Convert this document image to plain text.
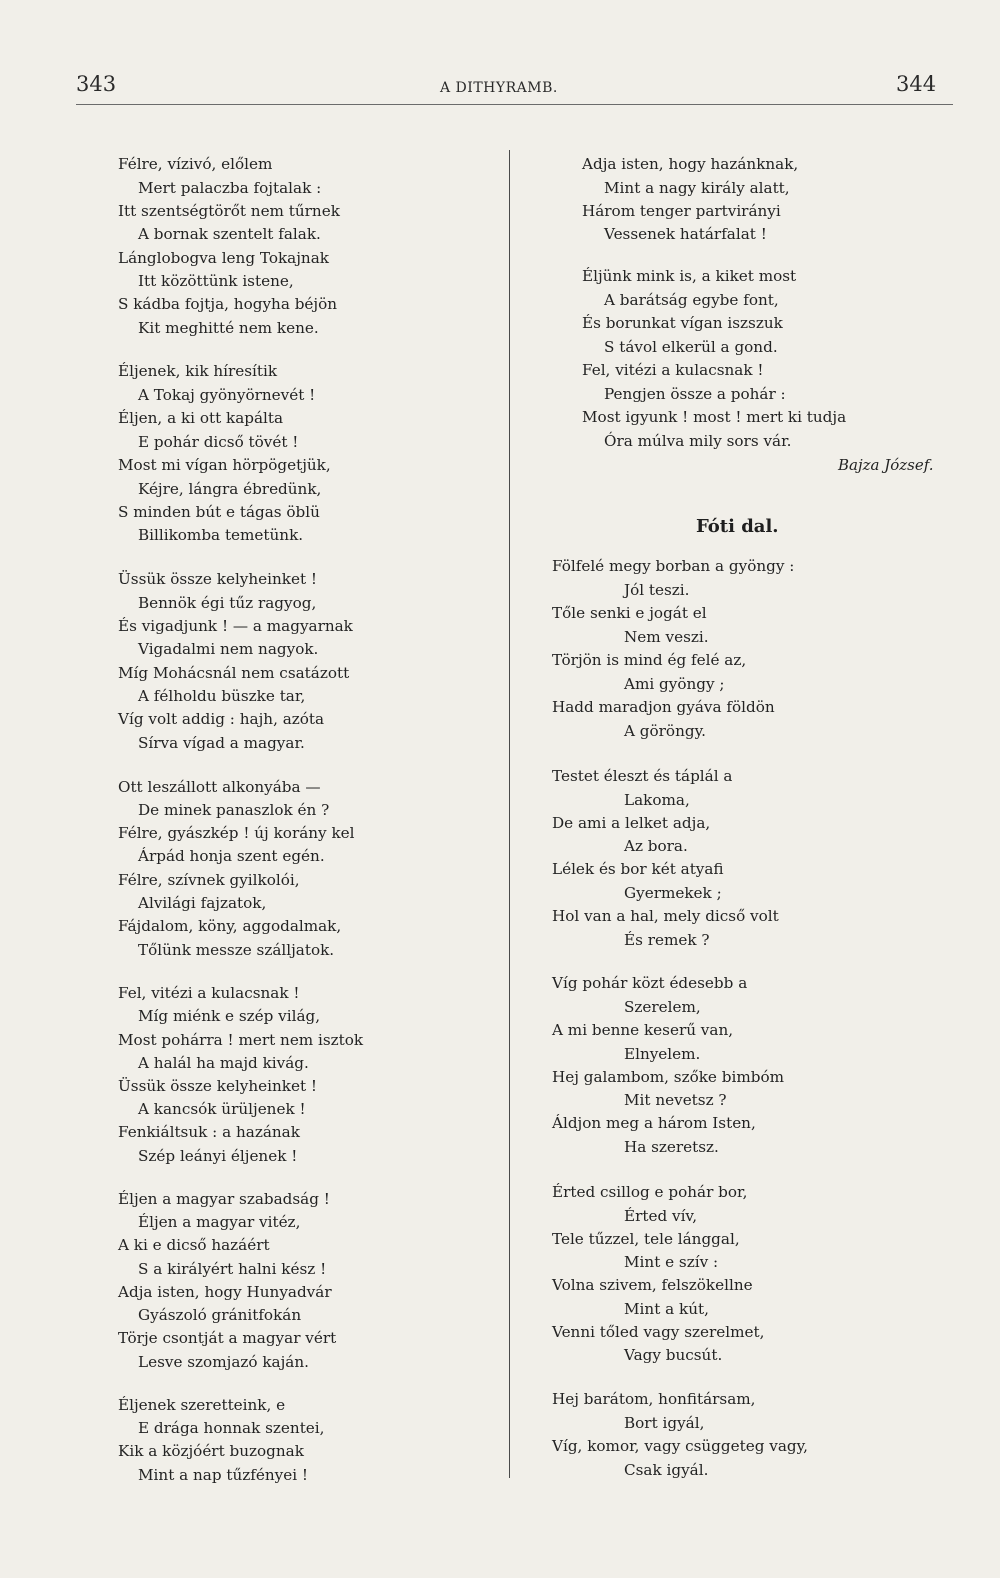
343	A DITHYRAMB.	344
Félre, vízivó, előlem
Mert palaczba fojtalak :
Itt szentségtörőt nem tűrnek
A bornak szentelt falak.
Lánglobogva leng Tokajnak
Itt közöttünk istene,
S kádba fojtja, hogyha béjön
Kit meghitté nem kene.
Éljenek, kik híresítik
A Tokaj gyönyörnevét !
Éljen, a ki ott kapálta
E pohár dicső tövét !
Most mi vígan hörpögetjük,
Kéjre, lángra ébredünk,
S minden bút e tágas öblü
Billikomba temetünk.
Üssük össze kelyheinket !
Bennök égi tűz ragyog,
És vigadjunk ! — a magyarnak
Vigadalmi nem nagyok.
Míg Mohácsnál nem csatázott
A félholdu büszke tar,
Víg volt addig : hajh, azóta
Sírva vígad a magyar.
Ott leszállott alkonyába —
De minek panaszlok én ?
Félre, gyászkép ! új korány kel
Árpád honja szent egén.
Félre, szívnek gyilkolói,
Alvilági fajzatok,
Fájdalom, köny, aggodalmak,
Tőlünk messze szálljatok.
Fel, vitézi a kulacsnak !
Míg miénk e szép világ,
Most pohárra ! mert nem isztok
A halál ha majd kivág.
Üssük össze kelyheinket !
A kancsók ürüljenek !
Fenkiáltsuk : a hazának
Szép leányi éljenek !
Éljen a magyar szabadság !
Éljen a magyar vitéz,
A ki e dicső hazáért
S a királyért halni kész !
Adja isten, hogy Hunyadvár
Gyászoló gránitfokán
Törje csontját a magyar vért
Lesve szomjazó kaján.
Éljenek szeretteink, e
E drága honnak szentei,
Kik a közjóért buzognak
Mint a nap tűzfényei !
Adja isten, hogy hazánknak,
Mint a nagy király alatt,
Három tenger partvirányi
Vessenek határfalat !
Éljünk mink is, a kiket most
A barátság egybe font,
És borunkat vígan iszszuk
S távol elkerül a gond.
Fel, vitézi a kulacsnak !
Pengjen össze a pohár :
Most igyunk ! most ! mert ki tudja
Óra múlva mily sors vár.
Bajza József.
Fóti dal.
Fölfelé megy borban a gyöngy :
Jól teszi.
Tőle senki e jogát el
Nem veszi.
Törjön is mind ég felé az,
Ami gyöngy ;
Hadd maradjon gyáva földön
A göröngy.
Testet éleszt és táplál a
Lakoma,
De ami a lelket adja,
Az bora.
Lélek és bor két atyafi
Gyermekek ;
Hol van a hal, mely dicső volt
És remek ?
Víg pohár közt édesebb a
Szerelem,
A mi benne keserű van,
Elnyelem.
Hej galambom, szőke bimbóm
Mit nevetsz ?
Áldjon meg a három Isten,
Ha szeretsz.
Érted csillog e pohár bor,
Érted vív,
Tele tűzzel, tele lánggal,
Mint e szív :
Volna szivem, felszökellne
Mint a kút,
Venni tőled vagy szerelmet,
Vagy bucsút.
Hej barátom, honfitársam,
Bort igyál,
Víg, komor, vagy csüggeteg vagy,
Csak igyál.
